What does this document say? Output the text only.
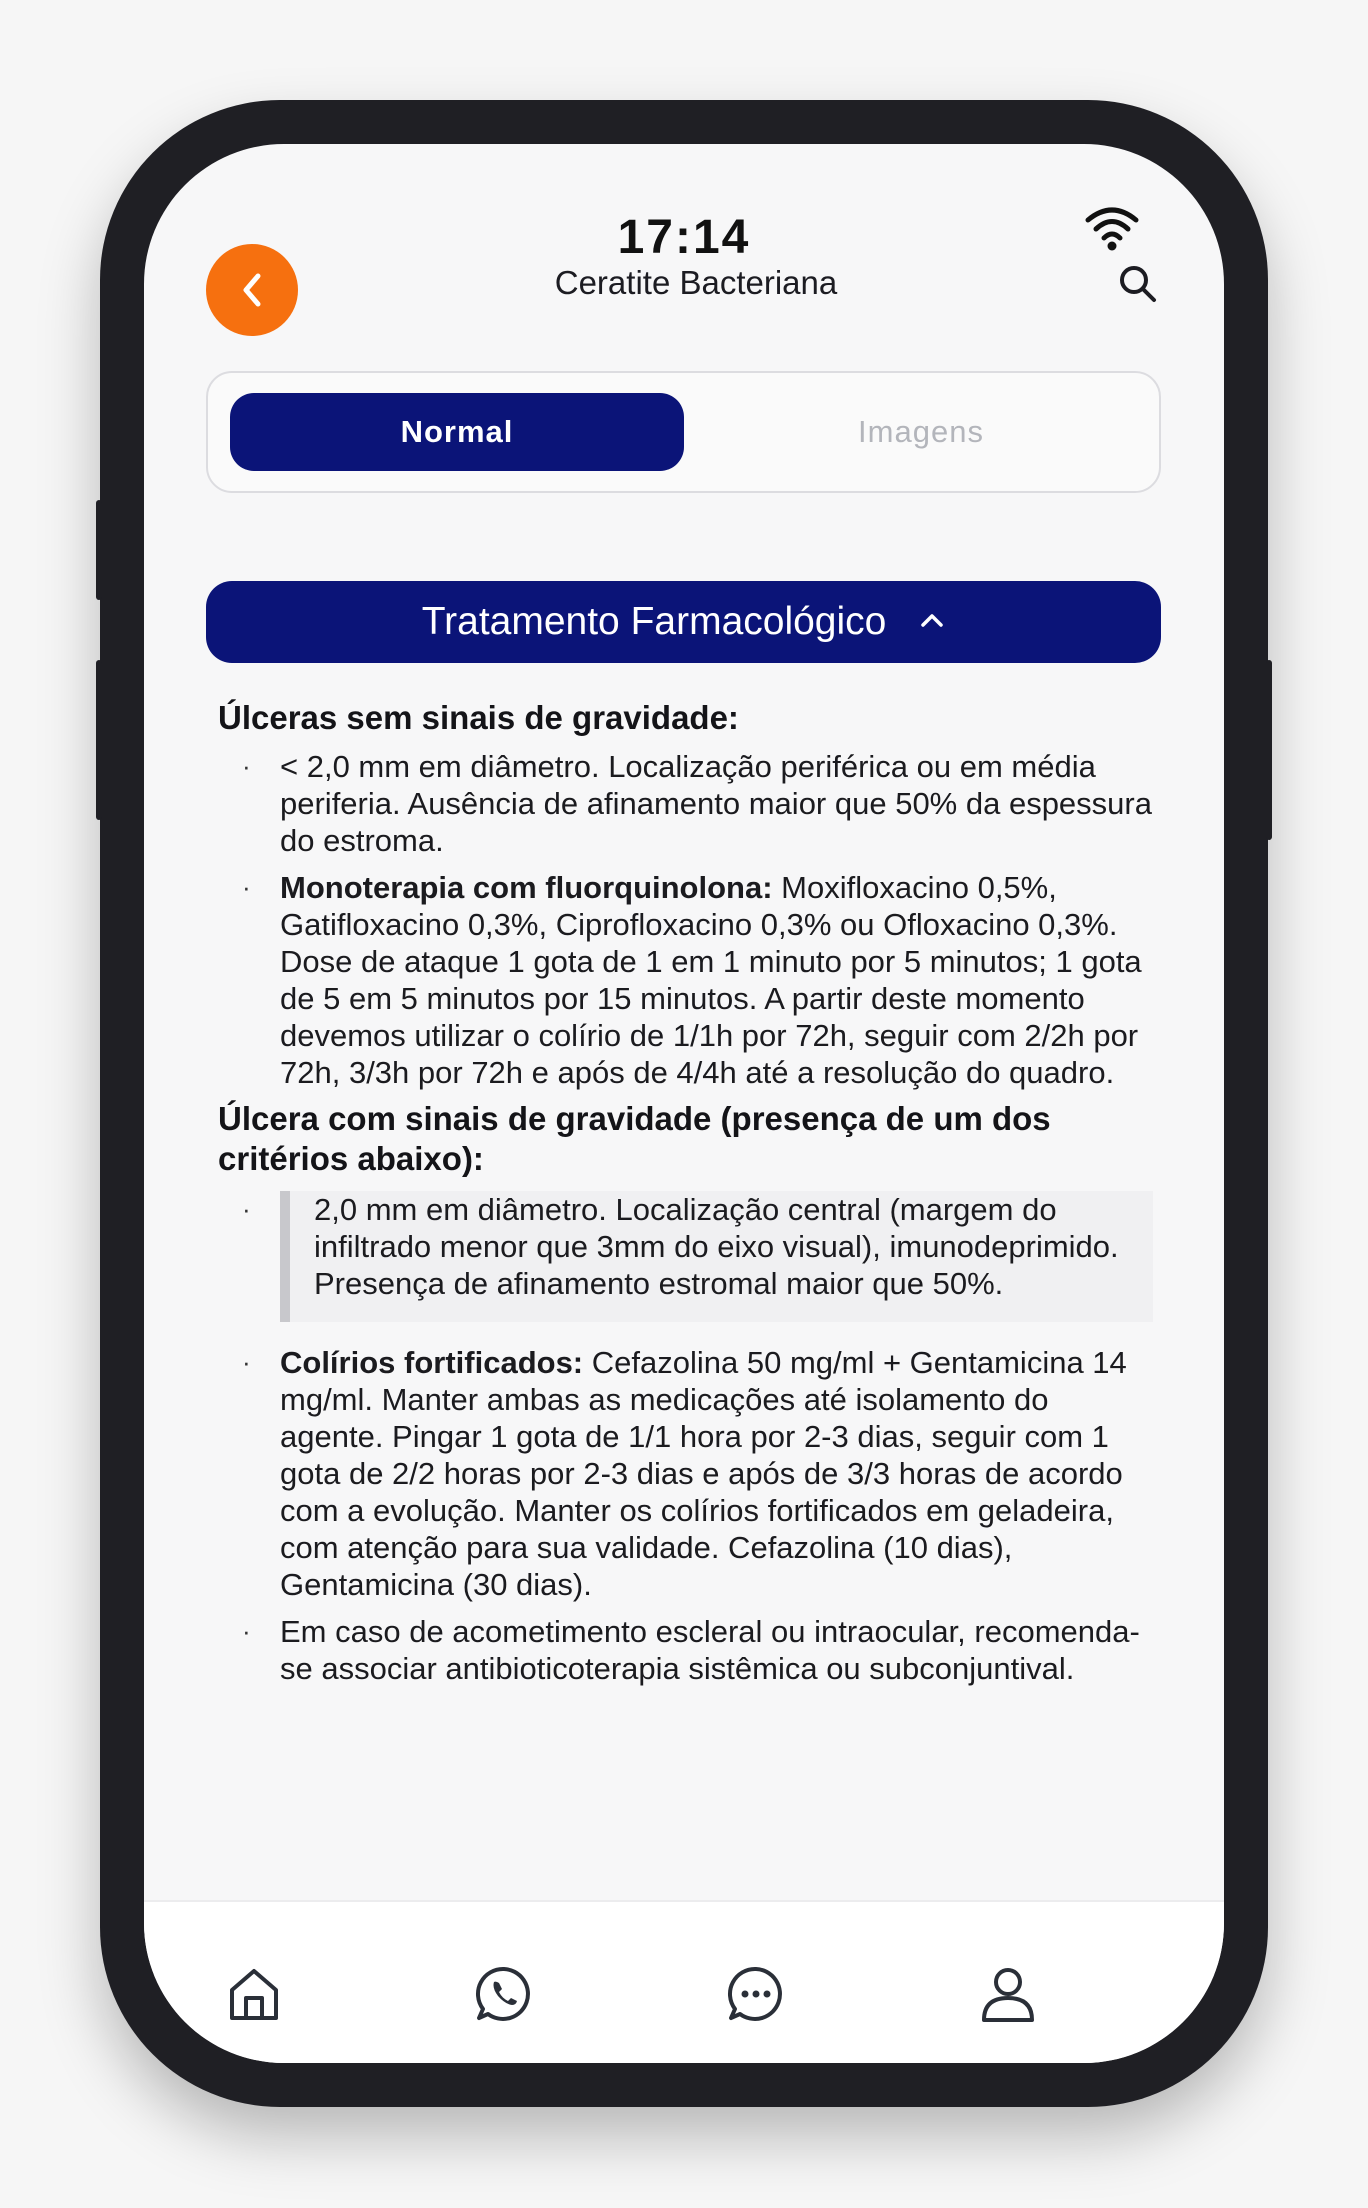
17:14
Ceratite Bacteriana
Normal	Imagens
Tratamento Farmacológico

Úlceras sem sinais de gravidade:

· < 2,0 mm em diâmetro. Localização periférica ou em média periferia. Ausência de afinamento maior que 50% da espessura do estroma.
· Monoterapia com fluorquinolona: Moxifloxacino 0,5%, Gatifloxacino 0,3%, Ciprofloxacino 0,3% ou Ofloxacino 0,3%. Dose de ataque 1 gota de 1 em 1 minuto por 5 minutos; 1 gota de 5 em 5 minutos por 15 minutos. A partir deste momento devemos utilizar o colírio de 1/1h por 72h, seguir com 2/2h por 72h, 3/3h por 72h e após de 4/4h até a resolução do quadro.

Úlcera com sinais de gravidade (presença de um dos critérios abaixo):

·	2,0 mm em diâmetro. Localização central (margem do infiltrado menor que 3mm do eixo visual), imunodeprimido. Presença de afinamento estromal maior que 50%.
· Colírios fortificados: Cefazolina 50 mg/ml + Gentamicina 14 mg/ml. Manter ambas as medicações até isolamento do agente. Pingar 1 gota de 1/1 hora por 2-3 dias, seguir com 1 gota de 2/2 horas por 2-3 dias e após de 3/3 horas de acordo com a evolução. Manter os colírios fortificados em geladeira, com atenção para sua validade. Cefazolina (10 dias), Gentamicina (30 dias).
· Em caso de acometimento escleral ou intraocular, recomenda-se associar antibioticoterapia sistêmica ou subconjuntival.
